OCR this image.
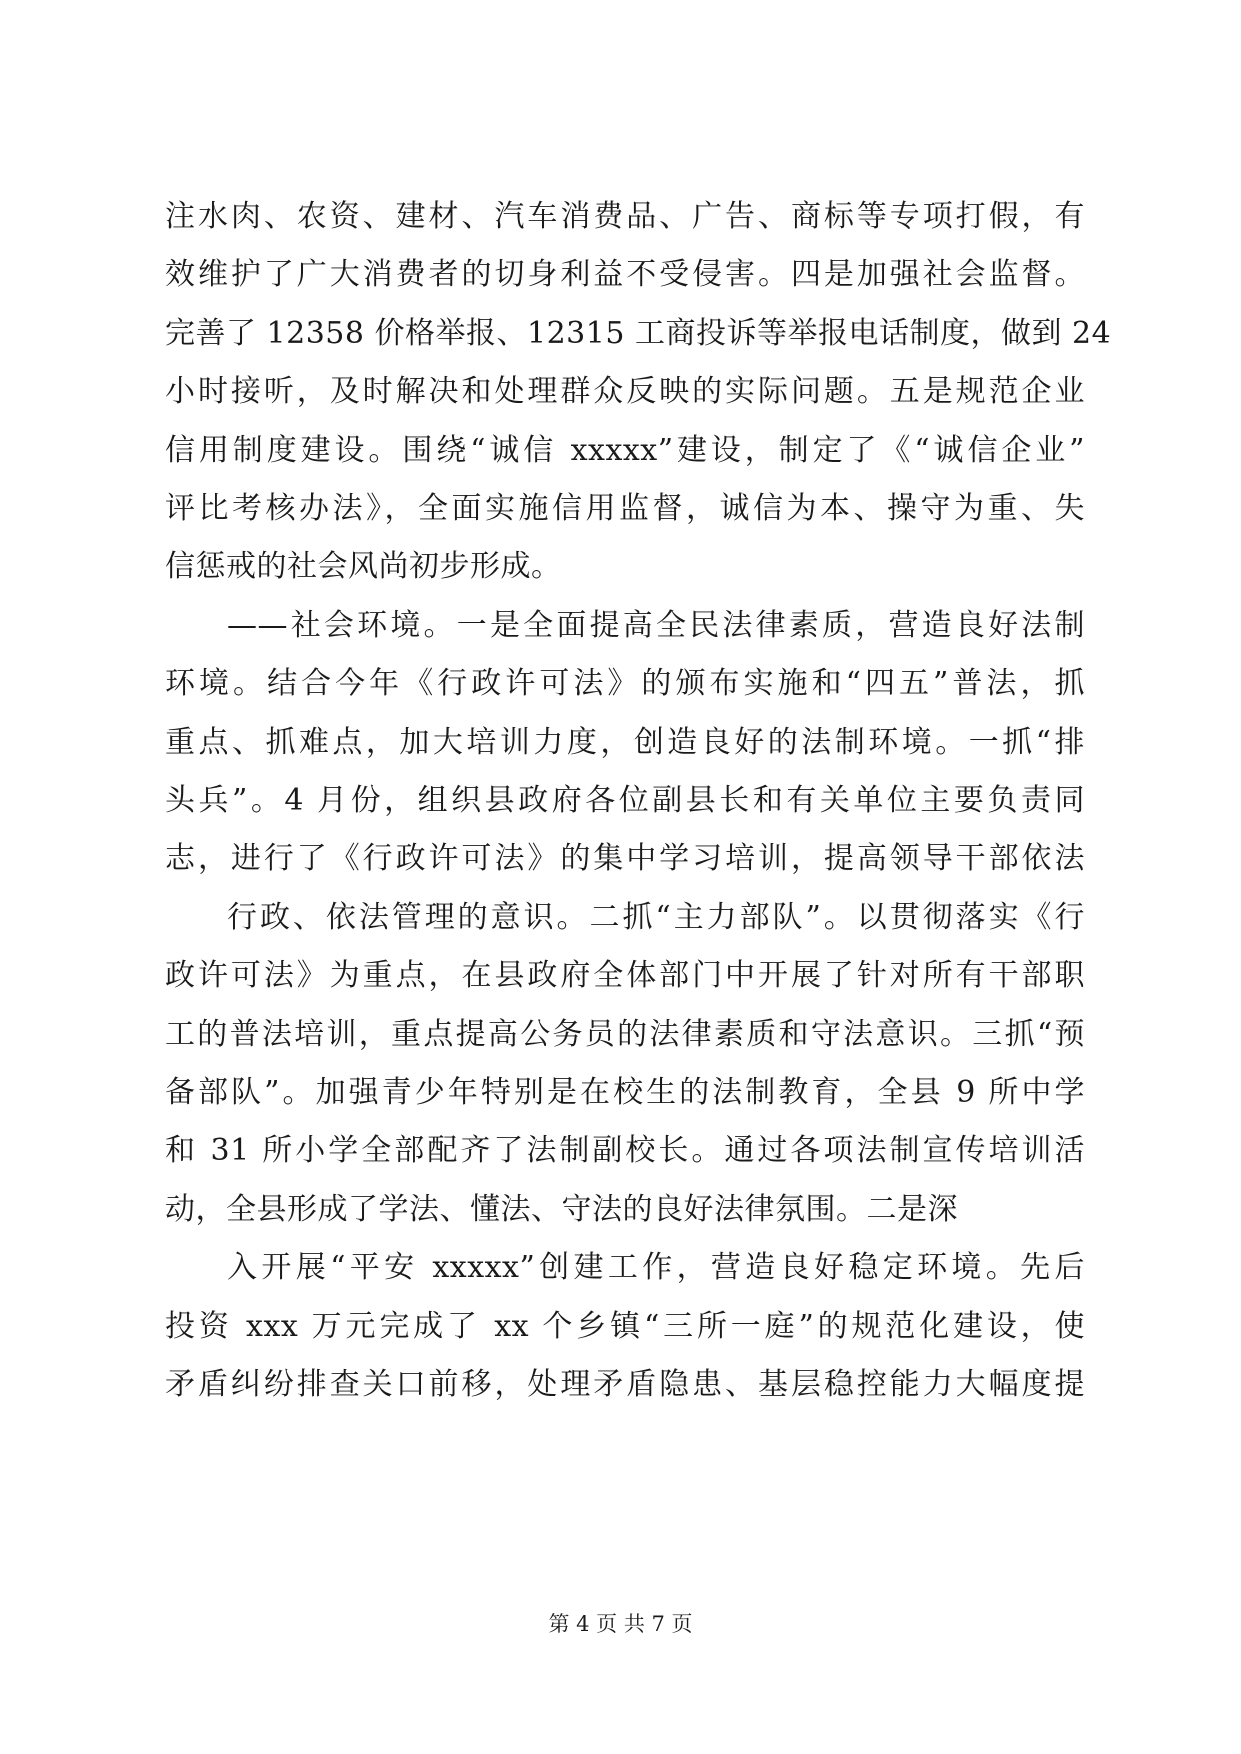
注水肉、农资、建材、汽车消费品、广告、商标等专项打假，有
效维护了广大消费者的切身利益不受侵害。四是加强社会监督。
完善了 12358 价格举报、12315 工商投诉等举报电话制度，做到 24
小时接听，及时解决和处理群众反映的实际问题。五是规范企业
信用制度建设。围绕“诚信 xxxxx”建设，制定了《“诚信企业”
评比考核办法》，全面实施信用监督，诚信为本、操守为重、失
信惩戒的社会风尚初步形成。
——社会环境。一是全面提高全民法律素质，营造良好法制
环境。结合今年《行政许可法》的颁布实施和“四五”普法，抓
重点、抓难点，加大培训力度，创造良好的法制环境。一抓“排
头兵”。4 月份，组织县政府各位副县长和有关单位主要负责同
志，进行了《行政许可法》的集中学习培训，提高领导干部依法
行政、依法管理的意识。二抓“主力部队”。以贯彻落实《行
政许可法》为重点，在县政府全体部门中开展了针对所有干部职
工的普法培训，重点提高公务员的法律素质和守法意识。三抓“预
备部队”。加强青少年特别是在校生的法制教育，全县 9 所中学
和 31 所小学全部配齐了法制副校长。通过各项法制宣传培训活
动，全县形成了学法、懂法、守法的良好法律氛围。二是深
入开展“平安 xxxxx”创建工作，营造良好稳定环境。先后
投资 xxx 万元完成了 xx 个乡镇“三所一庭”的规范化建设，使
矛盾纠纷排查关口前移，处理矛盾隐患、基层稳控能力大幅度提
第 4 页 共 7 页
